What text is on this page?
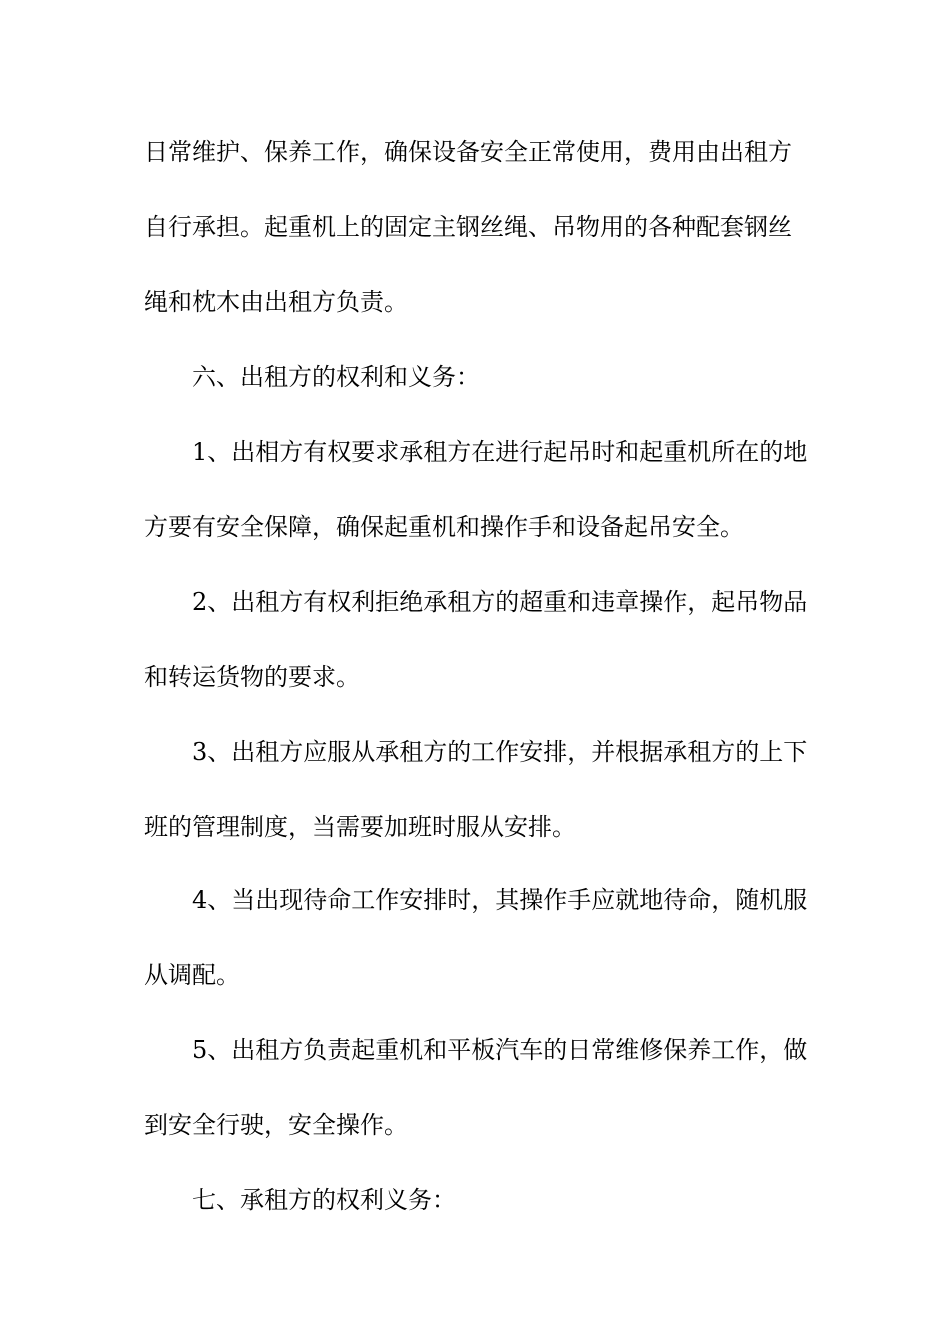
日常维护、保养工作，确保设备安全正常使用，费用由出租方
自行承担。起重机上的固定主钢丝绳、吊物用的各种配套钢丝
绳和枕木由出租方负责。
六、出租方的权利和义务：
1、出相方有权要求承租方在进行起吊时和起重机所在的地
方要有安全保障，确保起重机和操作手和设备起吊安全。
2、出租方有权利拒绝承租方的超重和违章操作，起吊物品
和转运货物的要求。
3、出租方应服从承租方的工作安排，并根据承租方的上下
班的管理制度，当需要加班时服从安排。
4、当出现待命工作安排时，其操作手应就地待命，随机服
从调配。
5、出租方负责起重机和平板汽车的日常维修保养工作，做
到安全行驶，安全操作。
七、承租方的权利义务：
